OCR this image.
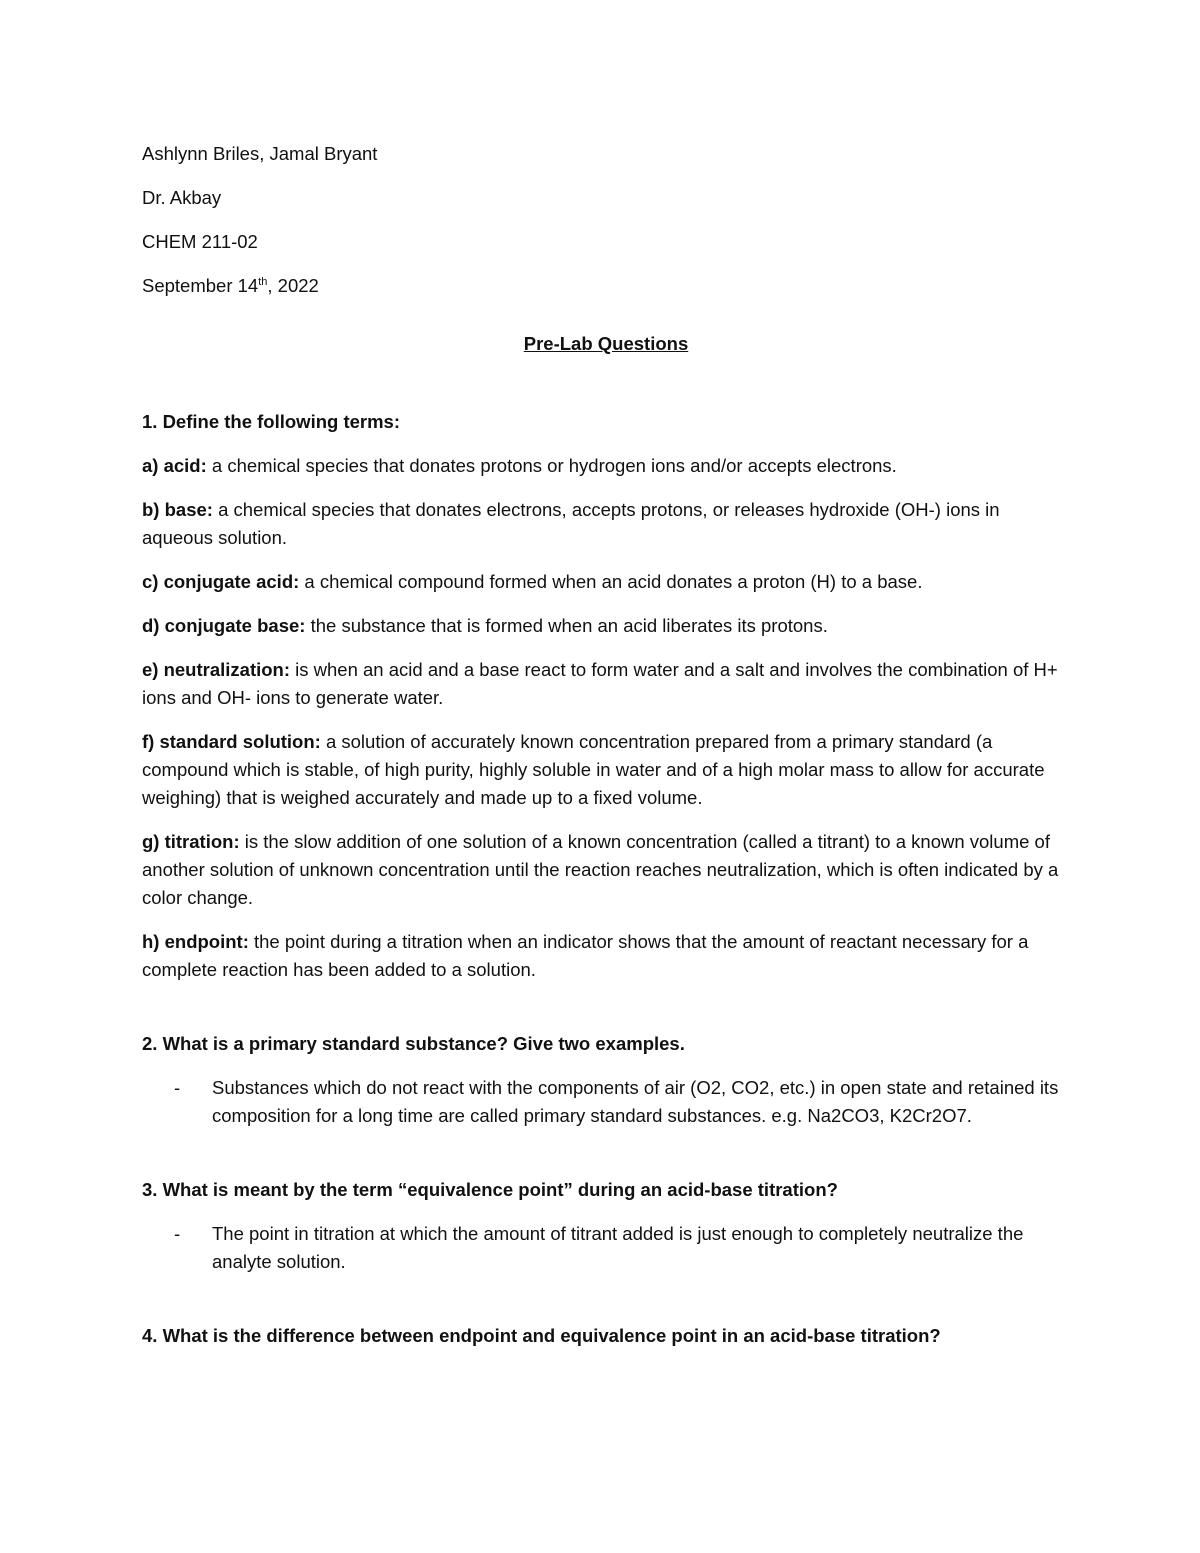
Ashlynn Briles, Jamal Bryant
Dr. Akbay
CHEM 211-02
September 14th, 2022
Pre-Lab Questions
1. Define the following terms:
a) acid: a chemical species that donates protons or hydrogen ions and/or accepts electrons.
b) base: a chemical species that donates electrons, accepts protons, or releases hydroxide (OH-) ions in aqueous solution.
c) conjugate acid: a chemical compound formed when an acid donates a proton (H) to a base.
d) conjugate base: the substance that is formed when an acid liberates its protons.
e) neutralization: is when an acid and a base react to form water and a salt and involves the combination of H+ ions and OH- ions to generate water.
f) standard solution: a solution of accurately known concentration prepared from a primary standard (a compound which is stable, of high purity, highly soluble in water and of a high molar mass to allow for accurate weighing) that is weighed accurately and made up to a fixed volume.
g) titration: is the slow addition of one solution of a known concentration (called a titrant) to a known volume of another solution of unknown concentration until the reaction reaches neutralization, which is often indicated by a color change.
h) endpoint: the point during a titration when an indicator shows that the amount of reactant necessary for a complete reaction has been added to a solution.
2. What is a primary standard substance? Give two examples.
-	Substances which do not react with the components of air (O2, CO2, etc.) in open state and retained its composition for a long time are called primary standard substances. e.g. Na2CO3, K2Cr2O7.
3. What is meant by the term “equivalence point” during an acid-base titration?
-	The point in titration at which the amount of titrant added is just enough to completely neutralize the analyte solution.
4. What is the difference between endpoint and equivalence point in an acid-base titration?
